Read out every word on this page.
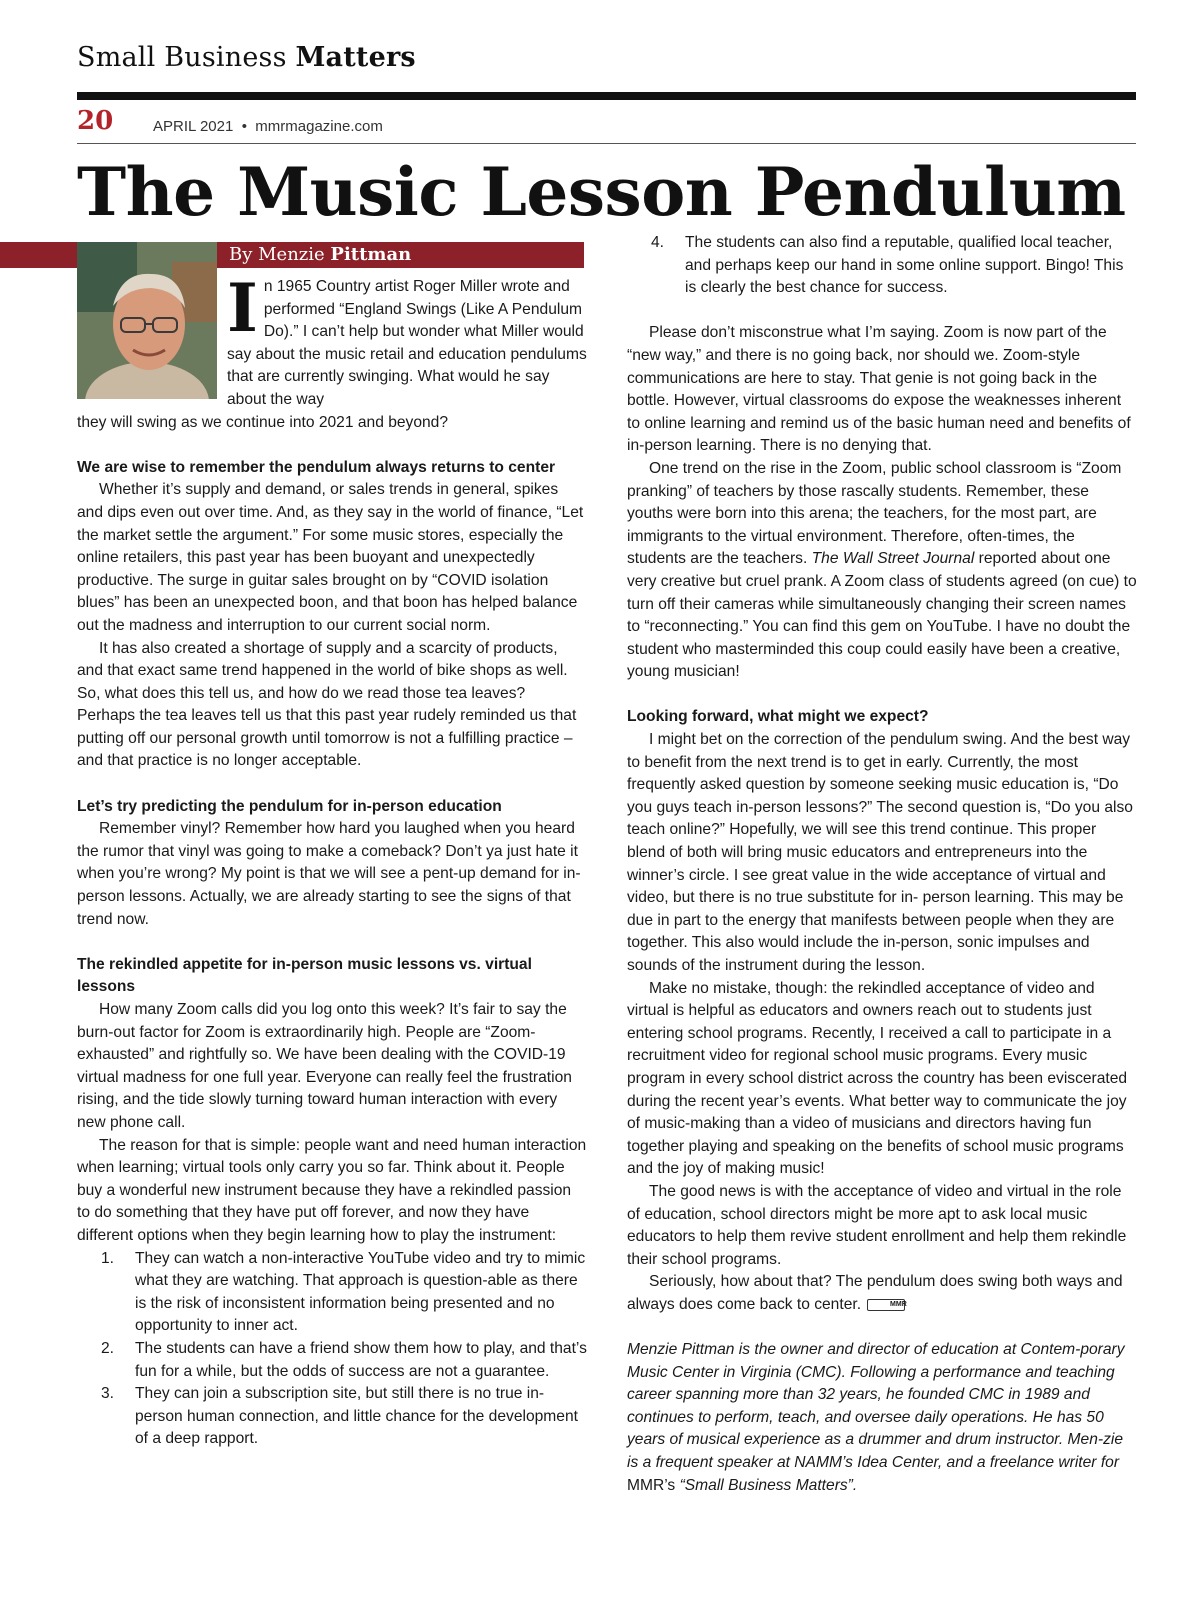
Small Business Matters
20	APRIL 2021 • mmrmagazine.com
The Music Lesson Pendulum
By Menzie Pittman
In 1965 Country artist Roger Miller wrote and performed “England Swings (Like A Pendulum Do).” I can’t help but wonder what Miller would say about the music retail and education pendulums that are currently swinging. What would he say about the way

they will swing as we continue into 2021 and beyond?

We are wise to remember the pendulum always returns to center

Whether it’s supply and demand, or sales trends in general, spikes and dips even out over time. And, as they say in the world of finance, “Let the market settle the argument.” For some music stores, especially the online retailers, this past year has been buoyant and unexpectedly productive. The surge in guitar sales brought on by “COVID isolation blues” has been an unexpected boon, and that boon has helped balance out the madness and interruption to our current social norm.

It has also created a shortage of supply and a scarcity of products, and that exact same trend happened in the world of bike shops as well. So, what does this tell us, and how do we read those tea leaves? Perhaps the tea leaves tell us that this past year rudely reminded us that putting off our personal growth until tomorrow is not a fulfilling practice – and that practice is no longer acceptable.

Let’s try predicting the pendulum for in-person education

Remember vinyl? Remember how hard you laughed when you heard the rumor that vinyl was going to make a comeback? Don’t ya just hate it when you’re wrong? My point is that we will see a pent-up demand for in-person lessons. Actually, we are already starting to see the signs of that trend now.

The rekindled appetite for in-person music lessons vs. virtual lessons

How many Zoom calls did you log onto this week? It’s fair to say the burn-out factor for Zoom is extraordinarily high. People are “Zoom-exhausted” and rightfully so. We have been dealing with the COVID-19 virtual madness for one full year. Everyone can really feel the frustration rising, and the tide slowly turning toward human interaction with every new phone call.

The reason for that is simple: people want and need human interaction when learning; virtual tools only carry you so far. Think about it. People buy a wonderful new instrument because they have a rekindled passion to do something that they have put off forever, and now they have different options when they begin learning how to play the instrument:

1.	They can watch a non-interactive YouTube video and try to mimic what they are watching. That approach is question-able as there is the risk of inconsistent information being presented and no opportunity to inner act.
2.	The students can have a friend show them how to play, and that’s fun for a while, but the odds of success are not a guarantee.
3.	They can join a subscription site, but still there is no true in-person human connection, and little chance for the development of a deep rapport.
4.	The students can also find a reputable, qualified local teacher, and perhaps keep our hand in some online support. Bingo! This is clearly the best chance for success.

Please don’t misconstrue what I’m saying. Zoom is now part of the “new way,” and there is no going back, nor should we. Zoom-style communications are here to stay. That genie is not going back in the bottle. However, virtual classrooms do expose the weaknesses inherent to online learning and remind us of the basic human need and benefits of in-person learning. There is no denying that.

One trend on the rise in the Zoom, public school classroom is “Zoom pranking” of teachers by those rascally students. Remember, these youths were born into this arena; the teachers, for the most part, are immigrants to the virtual environment. Therefore, often-times, the students are the teachers. The Wall Street Journal reported about one very creative but cruel prank. A Zoom class of students agreed (on cue) to turn off their cameras while simultaneously changing their screen names to “reconnecting.” You can find this gem on YouTube. I have no doubt the student who masterminded this coup could easily have been a creative, young musician!

Looking forward, what might we expect?

I might bet on the correction of the pendulum swing. And the best way to benefit from the next trend is to get in early. Currently, the most frequently asked question by someone seeking music education is, “Do you guys teach in-person lessons?” The second question is, “Do you also teach online?” Hopefully, we will see this trend continue. This proper blend of both will bring music educators and entrepreneurs into the winner’s circle. I see great value in the wide acceptance of virtual and video, but there is no true substitute for in- person learning. This may be due in part to the energy that manifests between people when they are together. This also would include the in-person, sonic impulses and sounds of the instrument during the lesson.

Make no mistake, though: the rekindled acceptance of video and virtual is helpful as educators and owners reach out to students just entering school programs. Recently, I received a call to participate in a recruitment video for regional school music programs. Every music program in every school district across the country has been eviscerated during the recent year’s events. What better way to communicate the joy of music-making than a video of musicians and directors having fun together playing and speaking on the benefits of school music programs and the joy of making music!

The good news is with the acceptance of video and virtual in the role of education, school directors might be more apt to ask local music educators to help them revive student enrollment and help them rekindle their school programs.

Seriously, how about that? The pendulum does swing both ways and always does come back to center.	MMR

Menzie Pittman is the owner and director of education at Contem-porary Music Center in Virginia (CMC). Following a performance and teaching career spanning more than 32 years, he founded CMC in 1989 and continues to perform, teach, and oversee daily operations. He has 50 years of musical experience as a drummer and drum instructor. Men-zie is a frequent speaker at NAMM’s Idea Center, and a freelance writer for MMR’s “Small Business Matters”.
